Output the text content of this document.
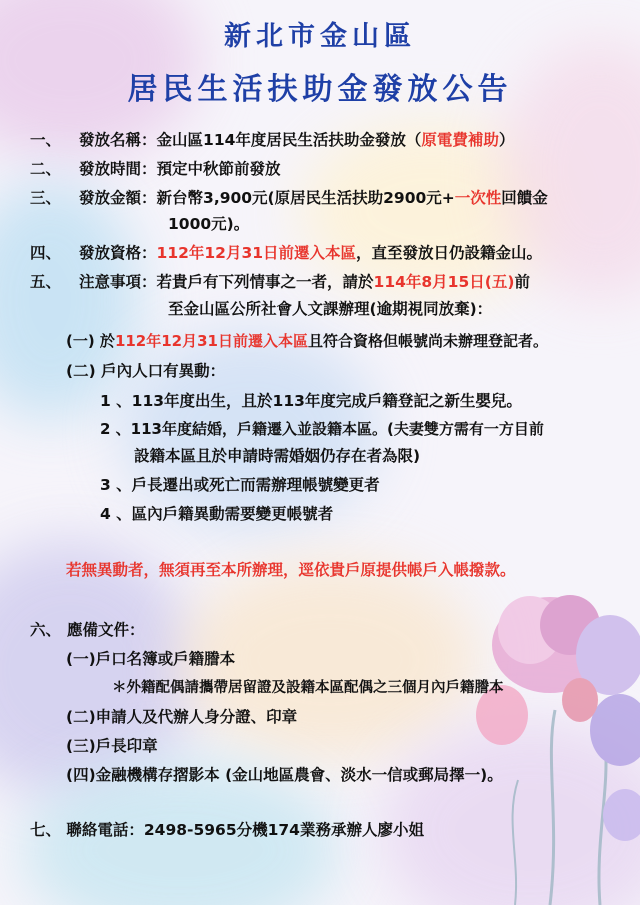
新北市金山區
居民生活扶助金發放公告
一、 發放名稱：金山區114年度居民生活扶助金發放（原電費補助）
二、 發放時間：預定中秋節前發放
三、 發放金額：新台幣3,900元(原居民生活扶助2900元+一次性回饋金
1000元)。
四、 發放資格：112年12月31日前遷入本區，直至發放日仍設籍金山。
五、 注意事項：若貴戶有下列情事之一者，請於114年8月15日(五)前
至金山區公所社會人文課辦理(逾期視同放棄)：
(一) 於112年12月31日前遷入本區且符合資格但帳號尚未辦理登記者。
(二) 戶內人口有異動：
1 、113年度出生，且於113年度完成戶籍登記之新生嬰兒。
2 、113年度結婚，戶籍遷入並設籍本區。(夫妻雙方需有一方目前
設籍本區且於申請時需婚姻仍存在者為限)
3 、戶長遷出或死亡而需辦理帳號變更者
4 、區內戶籍異動需要變更帳號者
若無異動者，無須再至本所辦理，逕依貴戶原提供帳戶入帳撥款。
六、 應備文件：
(一)戶口名簿或戶籍謄本
＊外籍配偶請攜帶居留證及設籍本區配偶之三個月內戶籍謄本
(二)申請人及代辦人身分證、印章
(三)戶長印章
(四)金融機構存摺影本 (金山地區農會、淡水一信或郵局擇一)。
七、 聯絡電話：2498-5965分機174業務承辦人廖小姐
